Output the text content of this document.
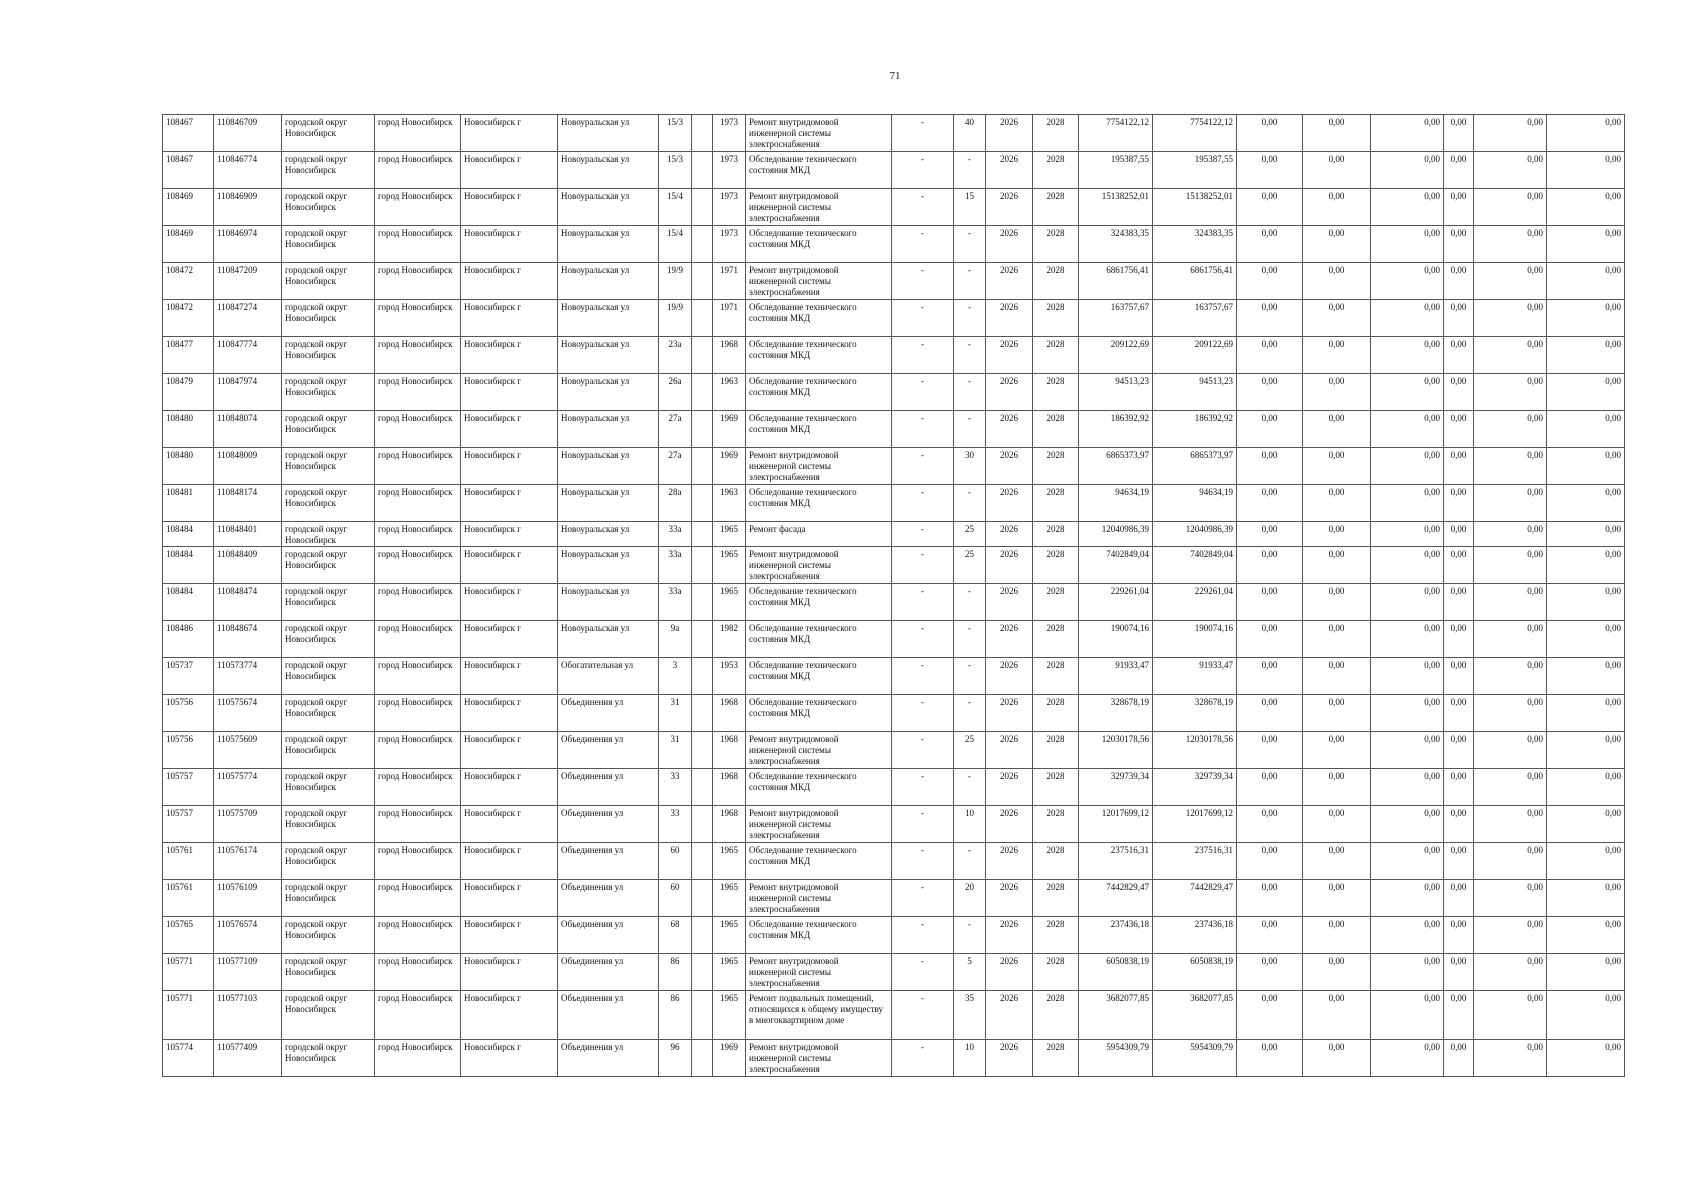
71
108467	110846709	городской округ Новосибирск	город Новосибирск	Новосибирск г	Новоуральская ул	15/3		1973	Ремонт внутридомовой инженерной системы электроснабжения	-	40	2026	2028	7754122,12	7754122,12	0,00	0,00	0,00	0,00	0,00	0,00
108467	110846774	городской округ Новосибирск	город Новосибирск	Новосибирск г	Новоуральская ул	15/3		1973	Обследование технического состояния МКД	-	-	2026	2028	195387,55	195387,55	0,00	0,00	0,00	0,00	0,00	0,00
108469	110846909	городской округ Новосибирск	город Новосибирск	Новосибирск г	Новоуральская ул	15/4		1973	Ремонт внутридомовой инженерной системы электроснабжения	-	15	2026	2028	15138252,01	15138252,01	0,00	0,00	0,00	0,00	0,00	0,00
108469	110846974	городской округ Новосибирск	город Новосибирск	Новосибирск г	Новоуральская ул	15/4		1973	Обследование технического состояния МКД	-	-	2026	2028	324383,35	324383,35	0,00	0,00	0,00	0,00	0,00	0,00
108472	110847209	городской округ Новосибирск	город Новосибирск	Новосибирск г	Новоуральская ул	19/9		1971	Ремонт внутридомовой инженерной системы электроснабжения	-	-	2026	2028	6861756,41	6861756,41	0,00	0,00	0,00	0,00	0,00	0,00
108472	110847274	городской округ Новосибирск	город Новосибирск	Новосибирск г	Новоуральская ул	19/9		1971	Обследование технического состояния МКД	-	-	2026	2028	163757,67	163757,67	0,00	0,00	0,00	0,00	0,00	0,00
108477	110847774	городской округ Новосибирск	город Новосибирск	Новосибирск г	Новоуральская ул	23а		1968	Обследование технического состояния МКД	-	-	2026	2028	209122,69	209122,69	0,00	0,00	0,00	0,00	0,00	0,00
108479	110847974	городской округ Новосибирск	город Новосибирск	Новосибирск г	Новоуральская ул	26а		1963	Обследование технического состояния МКД	-	-	2026	2028	94513,23	94513,23	0,00	0,00	0,00	0,00	0,00	0,00
108480	110848074	городской округ Новосибирск	город Новосибирск	Новосибирск г	Новоуральская ул	27а		1969	Обследование технического состояния МКД	-	-	2026	2028	186392,92	186392,92	0,00	0,00	0,00	0,00	0,00	0,00
108480	110848009	городской округ Новосибирск	город Новосибирск	Новосибирск г	Новоуральская ул	27а		1969	Ремонт внутридомовой инженерной системы электроснабжения	-	30	2026	2028	6865373,97	6865373,97	0,00	0,00	0,00	0,00	0,00	0,00
108481	110848174	городской округ Новосибирск	город Новосибирск	Новосибирск г	Новоуральская ул	28а		1963	Обследование технического состояния МКД	-	-	2026	2028	94634,19	94634,19	0,00	0,00	0,00	0,00	0,00	0,00
108484	110848401	городской округ Новосибирск	город Новосибирск	Новосибирск г	Новоуральская ул	33а		1965	Ремонт фасада	-	25	2026	2028	12040986,39	12040986,39	0,00	0,00	0,00	0,00	0,00	0,00
108484	110848409	городской округ Новосибирск	город Новосибирск	Новосибирск г	Новоуральская ул	33а		1965	Ремонт внутридомовой инженерной системы электроснабжения	-	25	2026	2028	7402849,04	7402849,04	0,00	0,00	0,00	0,00	0,00	0,00
108484	110848474	городской округ Новосибирск	город Новосибирск	Новосибирск г	Новоуральская ул	33а		1965	Обследование технического состояния МКД	-	-	2026	2028	229261,04	229261,04	0,00	0,00	0,00	0,00	0,00	0,00
108486	110848674	городской округ Новосибирск	город Новосибирск	Новосибирск г	Новоуральская ул	9а		1982	Обследование технического состояния МКД	-	-	2026	2028	190074,16	190074,16	0,00	0,00	0,00	0,00	0,00	0,00
105737	110573774	городской округ Новосибирск	город Новосибирск	Новосибирск г	Обогатительная ул	3		1953	Обследование технического состояния МКД	-	-	2026	2028	91933,47	91933,47	0,00	0,00	0,00	0,00	0,00	0,00
105756	110575674	городской округ Новосибирск	город Новосибирск	Новосибирск г	Объединения ул	31		1968	Обследование технического состояния МКД	-	-	2026	2028	328678,19	328678,19	0,00	0,00	0,00	0,00	0,00	0,00
105756	110575609	городской округ Новосибирск	город Новосибирск	Новосибирск г	Объединения ул	31		1968	Ремонт внутридомовой инженерной системы электроснабжения	-	25	2026	2028	12030178,56	12030178,56	0,00	0,00	0,00	0,00	0,00	0,00
105757	110575774	городской округ Новосибирск	город Новосибирск	Новосибирск г	Объединения ул	33		1968	Обследование технического состояния МКД	-	-	2026	2028	329739,34	329739,34	0,00	0,00	0,00	0,00	0,00	0,00
105757	110575709	городской округ Новосибирск	город Новосибирск	Новосибирск г	Объединения ул	33		1968	Ремонт внутридомовой инженерной системы электроснабжения	-	10	2026	2028	12017699,12	12017699,12	0,00	0,00	0,00	0,00	0,00	0,00
105761	110576174	городской округ Новосибирск	город Новосибирск	Новосибирск г	Объединения ул	60		1965	Обследование технического состояния МКД	-	-	2026	2028	237516,31	237516,31	0,00	0,00	0,00	0,00	0,00	0,00
105761	110576109	городской округ Новосибирск	город Новосибирск	Новосибирск г	Объединения ул	60		1965	Ремонт внутридомовой инженерной системы электроснабжения	-	20	2026	2028	7442829,47	7442829,47	0,00	0,00	0,00	0,00	0,00	0,00
105765	110576574	городской округ Новосибирск	город Новосибирск	Новосибирск г	Объединения ул	68		1965	Обследование технического состояния МКД	-	-	2026	2028	237436,18	237436,18	0,00	0,00	0,00	0,00	0,00	0,00
105771	110577109	городской округ Новосибирск	город Новосибирск	Новосибирск г	Объединения ул	86		1965	Ремонт внутридомовой инженерной системы электроснабжения	-	5	2026	2028	6050838,19	6050838,19	0,00	0,00	0,00	0,00	0,00	0,00
105771	110577103	городской округ Новосибирск	город Новосибирск	Новосибирск г	Объединения ул	86		1965	Ремонт подвальных помещений, относящихся к общему имуществу в многоквартирном доме	-	35	2026	2028	3682077,85	3682077,85	0,00	0,00	0,00	0,00	0,00	0,00
105774	110577409	городской округ Новосибирск	город Новосибирск	Новосибирск г	Объединения ул	96		1969	Ремонт внутридомовой инженерной системы электроснабжения	-	10	2026	2028	5954309,79	5954309,79	0,00	0,00	0,00	0,00	0,00	0,00
